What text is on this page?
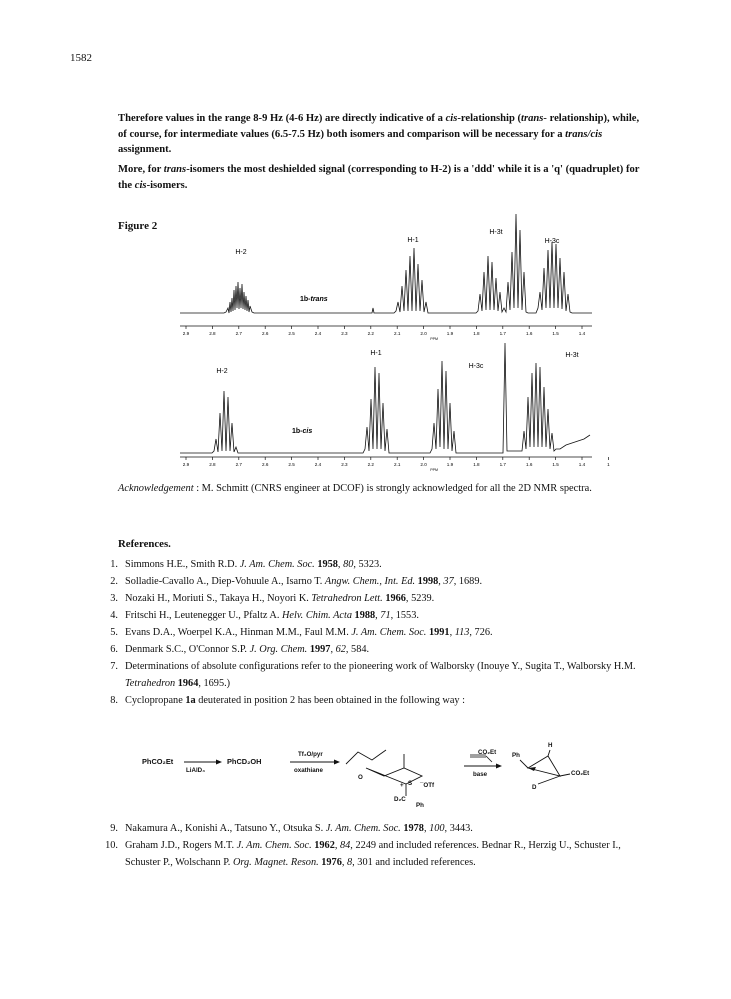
1582
Therefore values in the range 8-9 Hz (4-6 Hz) are directly indicative of a cis-relationship (trans- relationship), while, of course, for intermediate values (6.5-7.5 Hz) both isomers and comparison will be necessary for a trans/cis assignment.
More, for trans-isomers the most deshielded signal (corresponding to H-2) is a 'ddd' while it is a 'q' (quadruplet) for the cis-isomers.
Figure 2
2.9	2.8	2.7	2.6	2.5	2.4	2.3	2.2	2.1	2.0	1.9	1.8	1.7	1.6	1.5	1.4
PPM
H-2
H-1
H-3t
H-3c
1b-trans
2.9	2.8	2.7	2.6	2.5	2.4	2.3	2.2	2.1	2.0	1.9	1.8	1.7	1.6	1.5	1.4	1
PPM
H-2
H-1
H-3c
H-3t
1b-cis
Acknowledgement : M. Schmitt (CNRS engineer at DCOF) is strongly acknowledged for all the 2D NMR spectra.
References.
1. Simmons H.E., Smith R.D. J. Am. Chem. Soc. 1958, 80, 5323.
2. Solladie-Cavallo A., Diep-Vohuule A., Isarno T. Angw. Chem., Int. Ed. 1998, 37, 1689.
3. Nozaki H., Moriuti S., Takaya H., Noyori K. Tetrahedron Lett. 1966, 5239.
4. Fritschi H., Leutenegger U., Pfaltz A. Helv. Chim. Acta 1988, 71, 1553.
5. Evans D.A., Woerpel K.A., Hinman M.M., Faul M.M. J. Am. Chem. Soc. 1991, 113, 726.
6. Denmark S.C., O'Connor S.P. J. Org. Chem. 1997, 62, 584.
7. Determinations of absolute configurations refer to the pioneering work of Walborsky (Inouye Y., Sugita T., Walborsky H.M. Tetrahedron 1964, 1695.)
8. Cyclopropane 1a deuterated in position 2 has been obtained in the following way :
PhCO₂Et
LiAlD₄
PhCD₂OH
Tf₂O/pyr
oxathiane
O
+ S ¯OTf
D₂C
Ph
CO₂Et
base
Ph
H
D
CO₂Et
9. Nakamura A., Konishi A., Tatsuno Y., Otsuka S. J. Am. Chem. Soc. 1978, 100, 3443.
10. Graham J.D., Rogers M.T. J. Am. Chem. Soc. 1962, 84, 2249 and included references. Bednar R., Herzig U., Schuster I., Schuster P., Wolschann P. Org. Magnet. Reson. 1976, 8, 301 and included references.
